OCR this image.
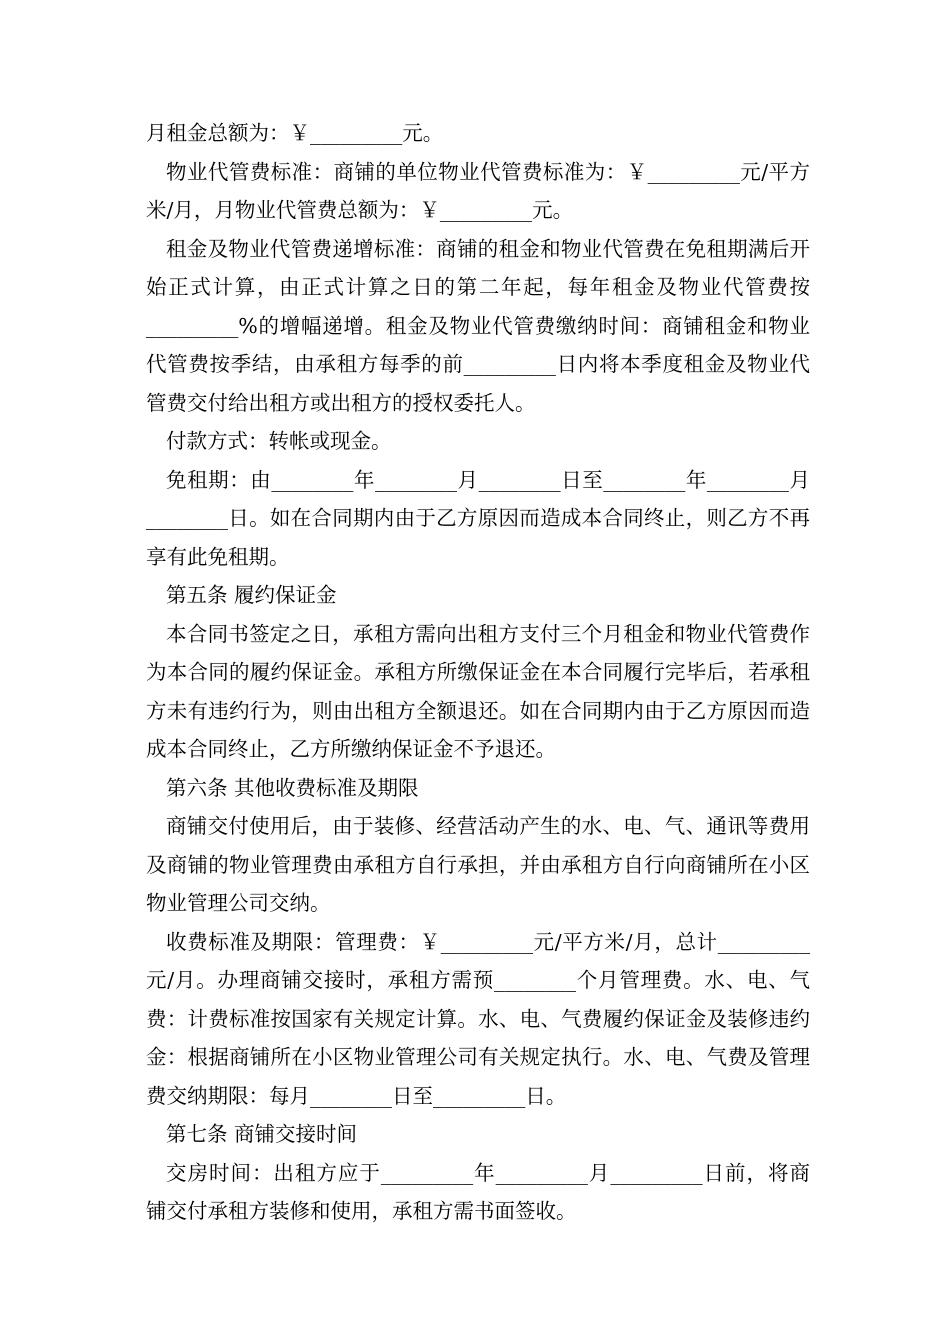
月租金总额为：￥_________元。

物业代管费标准：商铺的单位物业代管费标准为：￥_________元/平方米/月，月物业代管费总额为：￥_________元。

租金及物业代管费递增标准：商铺的租金和物业代管费在免租期满后开始正式计算，由正式计算之日的第二年起，每年租金及物业代管费按_________%的增幅递增。租金及物业代管费缴纳时间：商铺租金和物业代管费按季结，由承租方每季的前_________日内将本季度租金及物业代管费交付给出租方或出租方的授权委托人。

付款方式：转帐或现金。

免租期：由________年________月________日至________年________月________日。如在合同期内由于乙方原因而造成本合同终止，则乙方不再享有此免租期。

第五条 履约保证金

本合同书签定之日，承租方需向出租方支付三个月租金和物业代管费作为本合同的履约保证金。承租方所缴保证金在本合同履行完毕后，若承租方未有违约行为，则由出租方全额退还。如在合同期内由于乙方原因而造成本合同终止，乙方所缴纳保证金不予退还。

第六条 其他收费标准及期限

商铺交付使用后，由于装修、经营活动产生的水、电、气、通讯等费用及商铺的物业管理费由承租方自行承担，并由承租方自行向商铺所在小区物业管理公司交纳。

收费标准及期限：管理费：￥_________元/平方米/月，总计_________元/月。办理商铺交接时，承租方需预________个月管理费。水、电、气费：计费标准按国家有关规定计算。水、电、气费履约保证金及装修违约金：根据商铺所在小区物业管理公司有关规定执行。水、电、气费及管理费交纳期限：每月________日至_________日。

第七条 商铺交接时间

交房时间：出租方应于_________年_________月_________日前，将商铺交付承租方装修和使用，承租方需书面签收。
